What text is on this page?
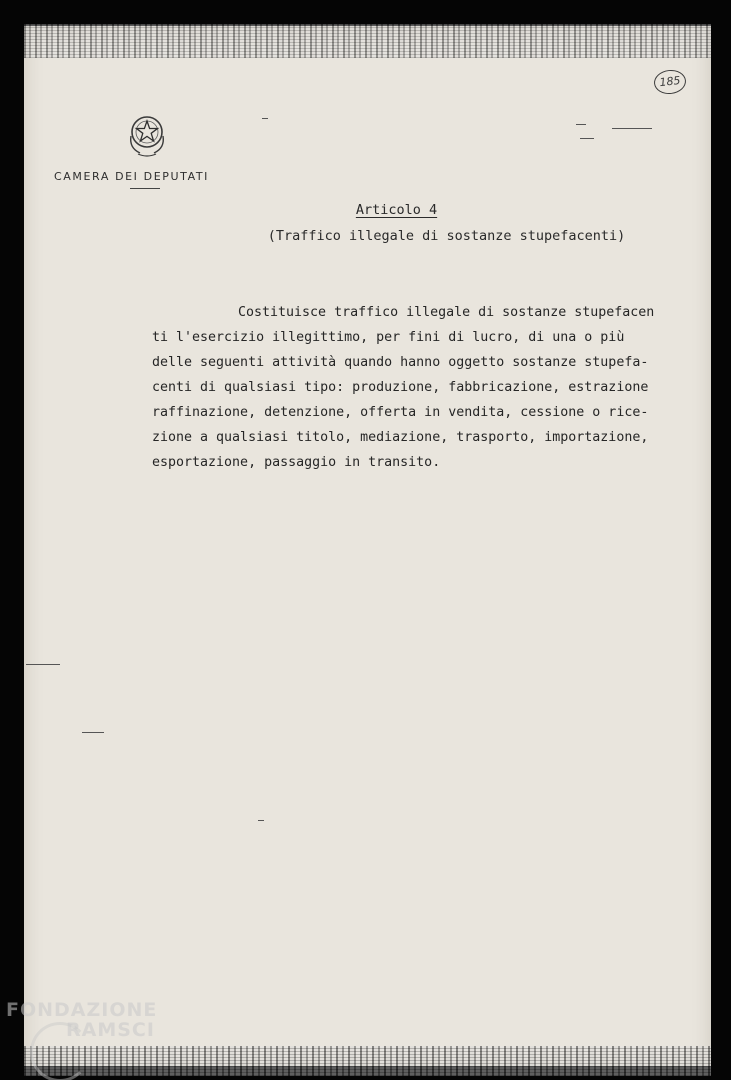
185
CAMERA DEI DEPUTATI
Articolo 4
(Traffico illegale di sostanze stupefacenti)
Costituisce traffico illegale di sostanze stupefacen
ti l'esercizio illegittimo, per fini di lucro, di una o più
delle seguenti attività quando hanno oggetto sostanze stupefa-
centi di qualsiasi tipo: produzione, fabbricazione, estrazione
raffinazione, detenzione, offerta in vendita, cessione o rice-
zione a qualsiasi titolo, mediazione, trasporto, importazione,
esportazione, passaggio in transito.
FONDAZIONE
RAMSCI
